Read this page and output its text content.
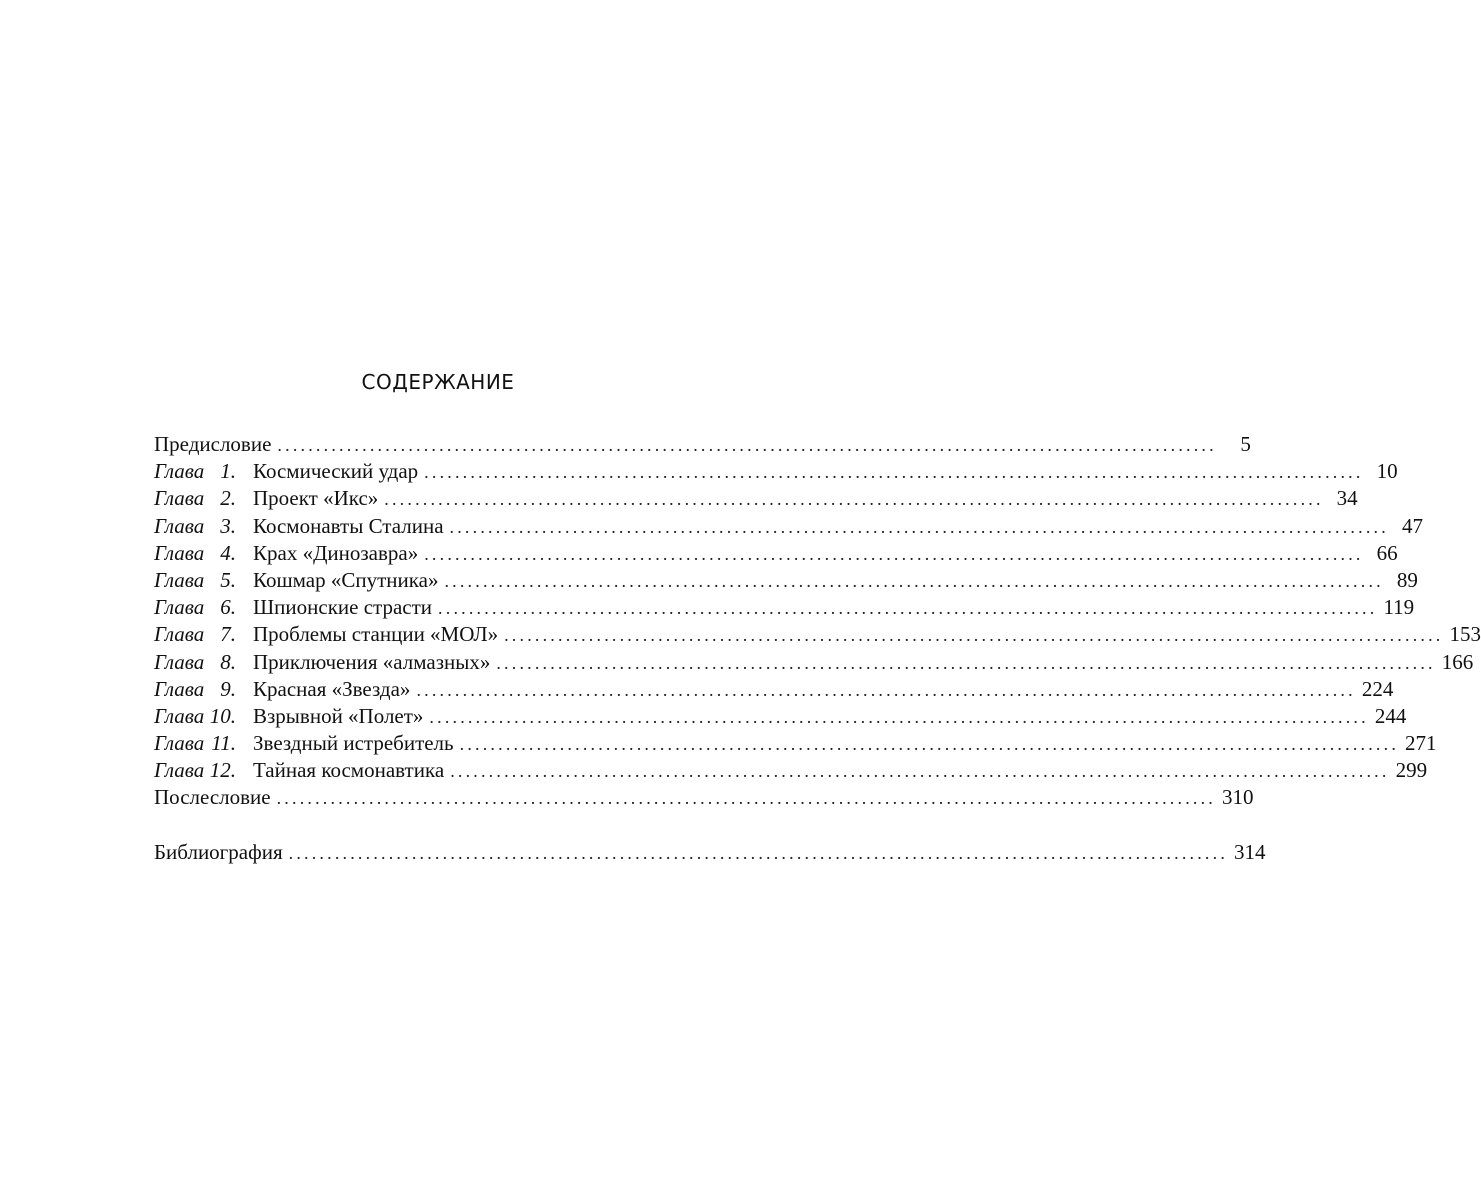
СОДЕРЖАНИЕ
Предисловие ..........................................................................................................................	5
Глава 1. Космический удар .......................................................................................................................... 10
Глава 2. Проект «Икс» .......................................................................................................................... 34
Глава 3. Космонавты Сталина .......................................................................................................................... 47
Глава 4. Крах «Динозавра» .......................................................................................................................... 66
Глава 5. Кошмар «Спутника» .......................................................................................................................... 89
Глава 6. Шпионские страсти .......................................................................................................................... 119
Глава 7. Проблемы станции «МОЛ» .......................................................................................................................... 153
Глава 8. Приключения «алмазных» .......................................................................................................................... 166
Глава 9. Красная «Звезда» .......................................................................................................................... 224
Глава 10. Взрывной «Полет» .......................................................................................................................... 244
Глава 11. Звездный истребитель .......................................................................................................................... 271
Глава 12. Тайная космонавтика .......................................................................................................................... 299
Послесловие .......................................................................................................................... 310
Библиография .......................................................................................................................... 314
